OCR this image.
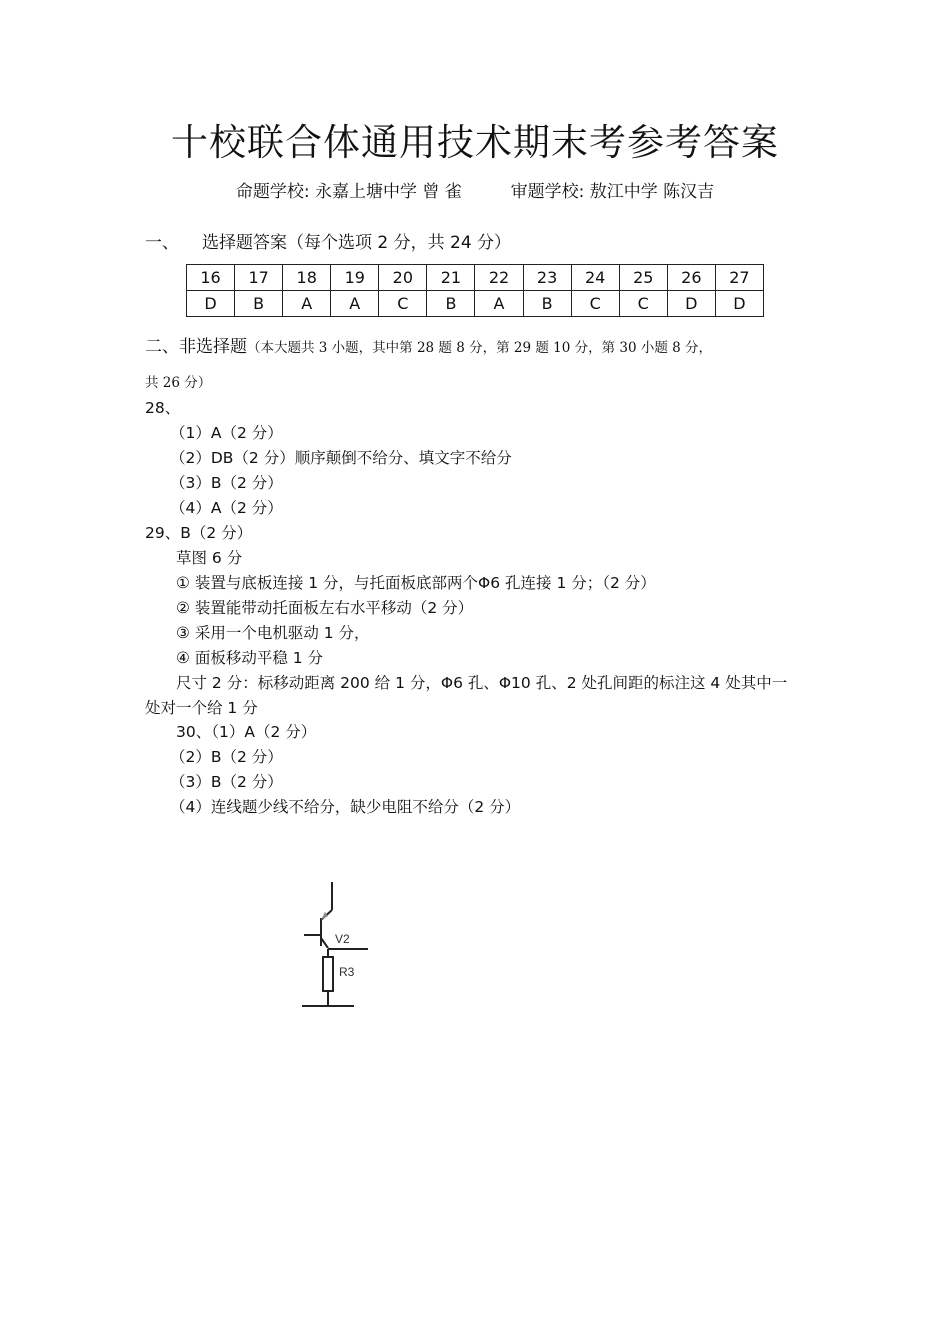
十校联合体通用技术期末考参考答案
命题学校: 永嘉上塘中学 曾 雀	审题学校: 敖江中学 陈汉吉
一、 选择题答案（每个选项 2 分，共 24 分）
16	17	18	19	20	21	22	23	24	25	26	27
D	B	A	A	C	B	A	B	C	C	D	D
二、非选择题（本大题共 3 小题，其中第 28 题 8 分，第 29 题 10 分，第 30 小题 8 分，
共 26 分）
28、
（1）A（2 分）
（2）DB（2 分）顺序颠倒不给分、填文字不给分
（3）B（2 分）
（4）A（2 分）
29、B（2 分）
草图 6 分
① 装置与底板连接 1 分，与托面板底部两个Φ6 孔连接 1 分；（2 分）
② 装置能带动托面板左右水平移动（2 分）
③ 采用一个电机驱动 1 分，
④ 面板移动平稳 1 分
尺寸 2 分：标移动距离 200 给 1 分，Φ6 孔、Φ10 孔、2 处孔间距的标注这 4 处其中一
处对一个给 1 分
30、（1）A（2 分）
（2）B（2 分）
（3）B（2 分）
（4）连线题少线不给分，缺少电阻不给分（2 分）
V2
R3
